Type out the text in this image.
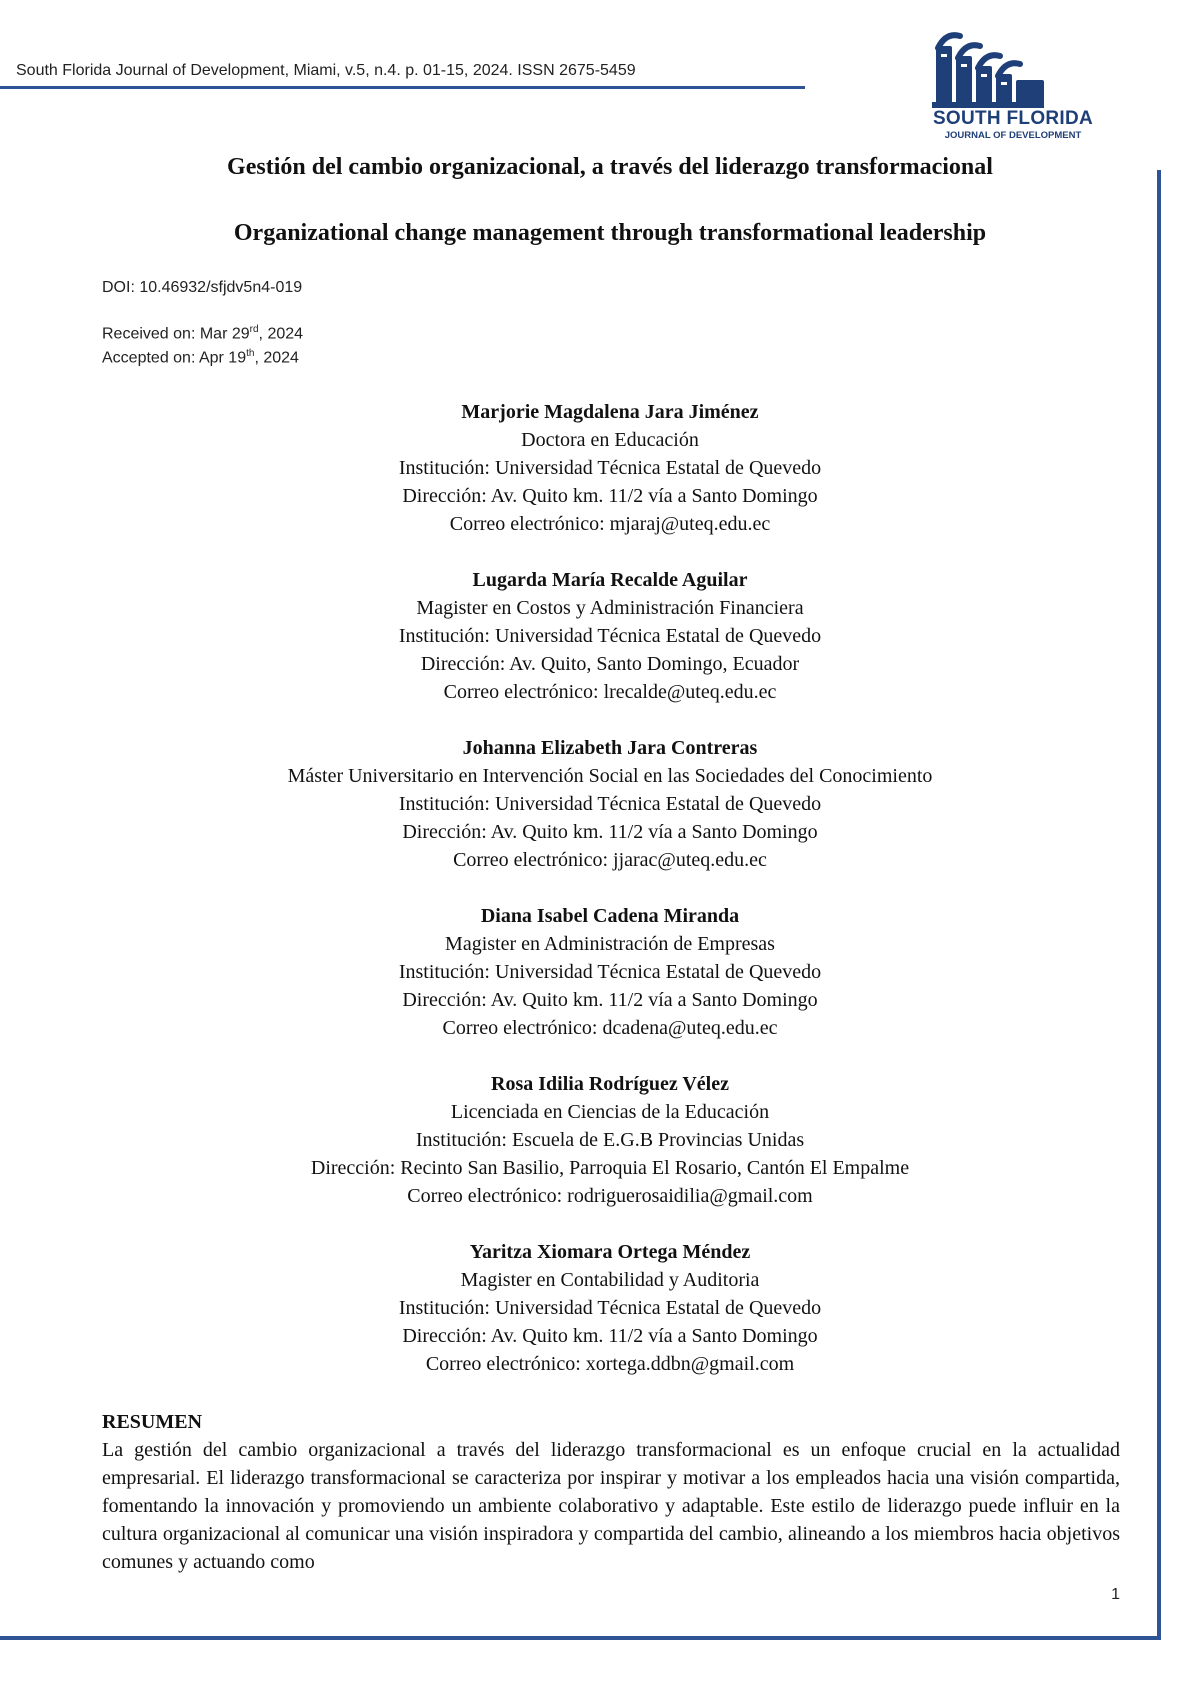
South Florida Journal of Development, Miami, v.5, n.4. p. 01-15, 2024. ISSN 2675-5459
SOUTH FLORIDA
JOURNAL OF DEVELOPMENT
Gestión del cambio organizacional, a través del liderazgo transformacional
Organizational change management through transformational leadership
DOI: 10.46932/sfjdv5n4-019
Received on: Mar 29rd, 2024
Accepted on: Apr 19th, 2024
Marjorie Magdalena Jara Jiménez
Doctora en Educación
Institución: Universidad Técnica Estatal de Quevedo
Dirección: Av. Quito km. 11/2 vía a Santo Domingo
Correo electrónico: mjaraj@uteq.edu.ec
Lugarda María Recalde Aguilar
Magister en Costos y Administración Financiera
Institución: Universidad Técnica Estatal de Quevedo
Dirección: Av. Quito, Santo Domingo, Ecuador
Correo electrónico: lrecalde@uteq.edu.ec
Johanna Elizabeth Jara Contreras
Máster Universitario en Intervención Social en las Sociedades del Conocimiento
Institución: Universidad Técnica Estatal de Quevedo
Dirección: Av. Quito km. 11/2 vía a Santo Domingo
Correo electrónico: jjarac@uteq.edu.ec
Diana Isabel Cadena Miranda
Magister en Administración de Empresas
Institución: Universidad Técnica Estatal de Quevedo
Dirección: Av. Quito km. 11/2 vía a Santo Domingo
Correo electrónico: dcadena@uteq.edu.ec
Rosa Idilia Rodríguez Vélez
Licenciada en Ciencias de la Educación
Institución: Escuela de E.G.B Provincias Unidas
Dirección: Recinto San Basilio, Parroquia El Rosario, Cantón El Empalme
Correo electrónico: rodriguerosaidilia@gmail.com
Yaritza Xiomara Ortega Méndez
Magister en Contabilidad y Auditoria
Institución: Universidad Técnica Estatal de Quevedo
Dirección: Av. Quito km. 11/2 vía a Santo Domingo
Correo electrónico: xortega.ddbn@gmail.com
RESUMEN
La gestión del cambio organizacional a través del liderazgo transformacional es un enfoque crucial en la actualidad empresarial. El liderazgo transformacional se caracteriza por inspirar y motivar a los empleados hacia una visión compartida, fomentando la innovación y promoviendo un ambiente colaborativo y adaptable. Este estilo de liderazgo puede influir en la cultura organizacional al comunicar una visión inspiradora y compartida del cambio, alineando a los miembros hacia objetivos comunes y actuando como
1
